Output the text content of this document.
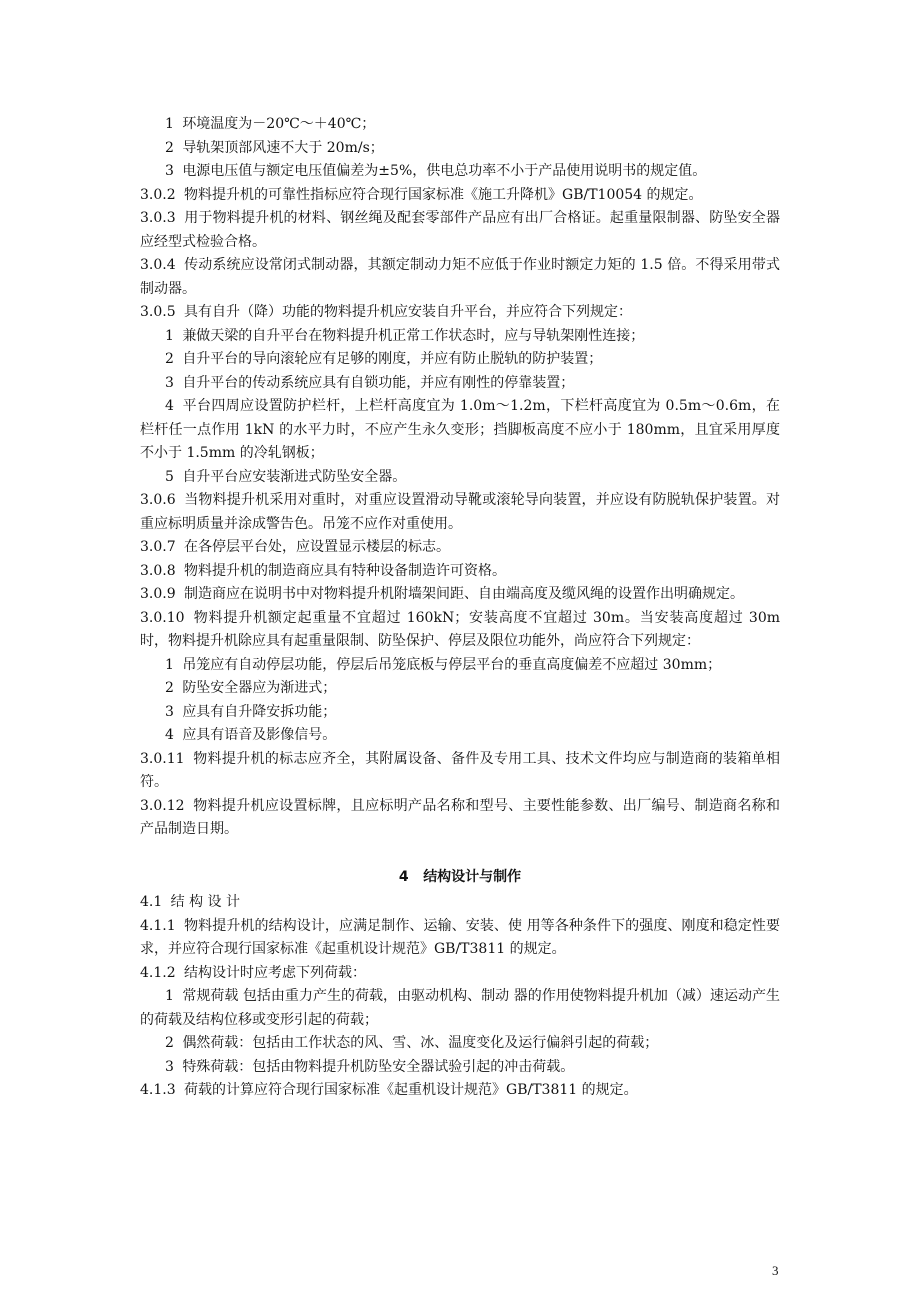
1 环境温度为－20℃～＋40℃；

2 导轨架顶部风速不大于 20m/s；

3 电源电压值与额定电压值偏差为±5%，供电总功率不小于产品使用说明书的规定值。

3.0.2 物料提升机的可靠性指标应符合现行国家标准《施工升降机》GB/T10054 的规定。

3.0.3 用于物料提升机的材料、钢丝绳及配套零部件产品应有出厂合格证。起重量限制器、防坠安全器应经型式检验合格。

3.0.4 传动系统应设常闭式制动器，其额定制动力矩不应低于作业时额定力矩的 1.5 倍。不得采用带式制动器。

3.0.5 具有自升（降）功能的物料提升机应安装自升平台，并应符合下列规定：

1 兼做天梁的自升平台在物料提升机正常工作状态时，应与导轨架刚性连接；

2 自升平台的导向滚轮应有足够的刚度，并应有防止脱轨的防护装置；

3 自升平台的传动系统应具有自锁功能，并应有刚性的停靠装置；

4 平台四周应设置防护栏杆，上栏杆高度宜为 1.0m～1.2m，下栏杆高度宜为 0.5m～0.6m，在栏杆任一点作用 1kN 的水平力时，不应产生永久变形；挡脚板高度不应小于 180mm，且宜采用厚度不小于 1.5mm 的冷轧钢板；

5 自升平台应安装渐进式防坠安全器。

3.0.6 当物料提升机采用对重时，对重应设置滑动导靴或滚轮导向装置，并应设有防脱轨保护装置。对重应标明质量并涂成警告色。吊笼不应作对重使用。

3.0.7 在各停层平台处，应设置显示楼层的标志。

3.0.8 物料提升机的制造商应具有特种设备制造许可资格。

3.0.9 制造商应在说明书中对物料提升机附墙架间距、自由端高度及缆风绳的设置作出明确规定。

3.0.10 物料提升机额定起重量不宜超过 160kN；安装高度不宜超过 30m。当安装高度超过 30m 时，物料提升机除应具有起重量限制、防坠保护、停层及限位功能外，尚应符合下列规定：

1 吊笼应有自动停层功能，停层后吊笼底板与停层平台的垂直高度偏差不应超过 30mm；

2 防坠安全器应为渐进式；

3 应具有自升降安拆功能；

4 应具有语音及影像信号。

3.0.11 物料提升机的标志应齐全，其附属设备、备件及专用工具、技术文件均应与制造商的装箱单相符。

3.0.12 物料提升机应设置标牌，且应标明产品名称和型号、主要性能参数、出厂编号、制造商名称和产品制造日期。

4 结构设计与制作

4.1 结 构 设 计

4.1.1 物料提升机的结构设计，应满足制作、运输、安装、使 用等各种条件下的强度、刚度和稳定性要求，并应符合现行国家标准《起重机设计规范》GB/T3811 的规定。

4.1.2 结构设计时应考虑下列荷载：

1 常规荷载 包括由重力产生的荷载，由驱动机构、制动 器的作用使物料提升机加（减）速运动产生的荷载及结构位移或变形引起的荷载；

2 偶然荷载：包括由工作状态的风、雪、冰、温度变化及运行偏斜引起的荷载；

3 特殊荷载：包括由物料提升机防坠安全器试验引起的冲击荷载。

4.1.3 荷载的计算应符合现行国家标准《起重机设计规范》GB/T3811 的规定。

3
